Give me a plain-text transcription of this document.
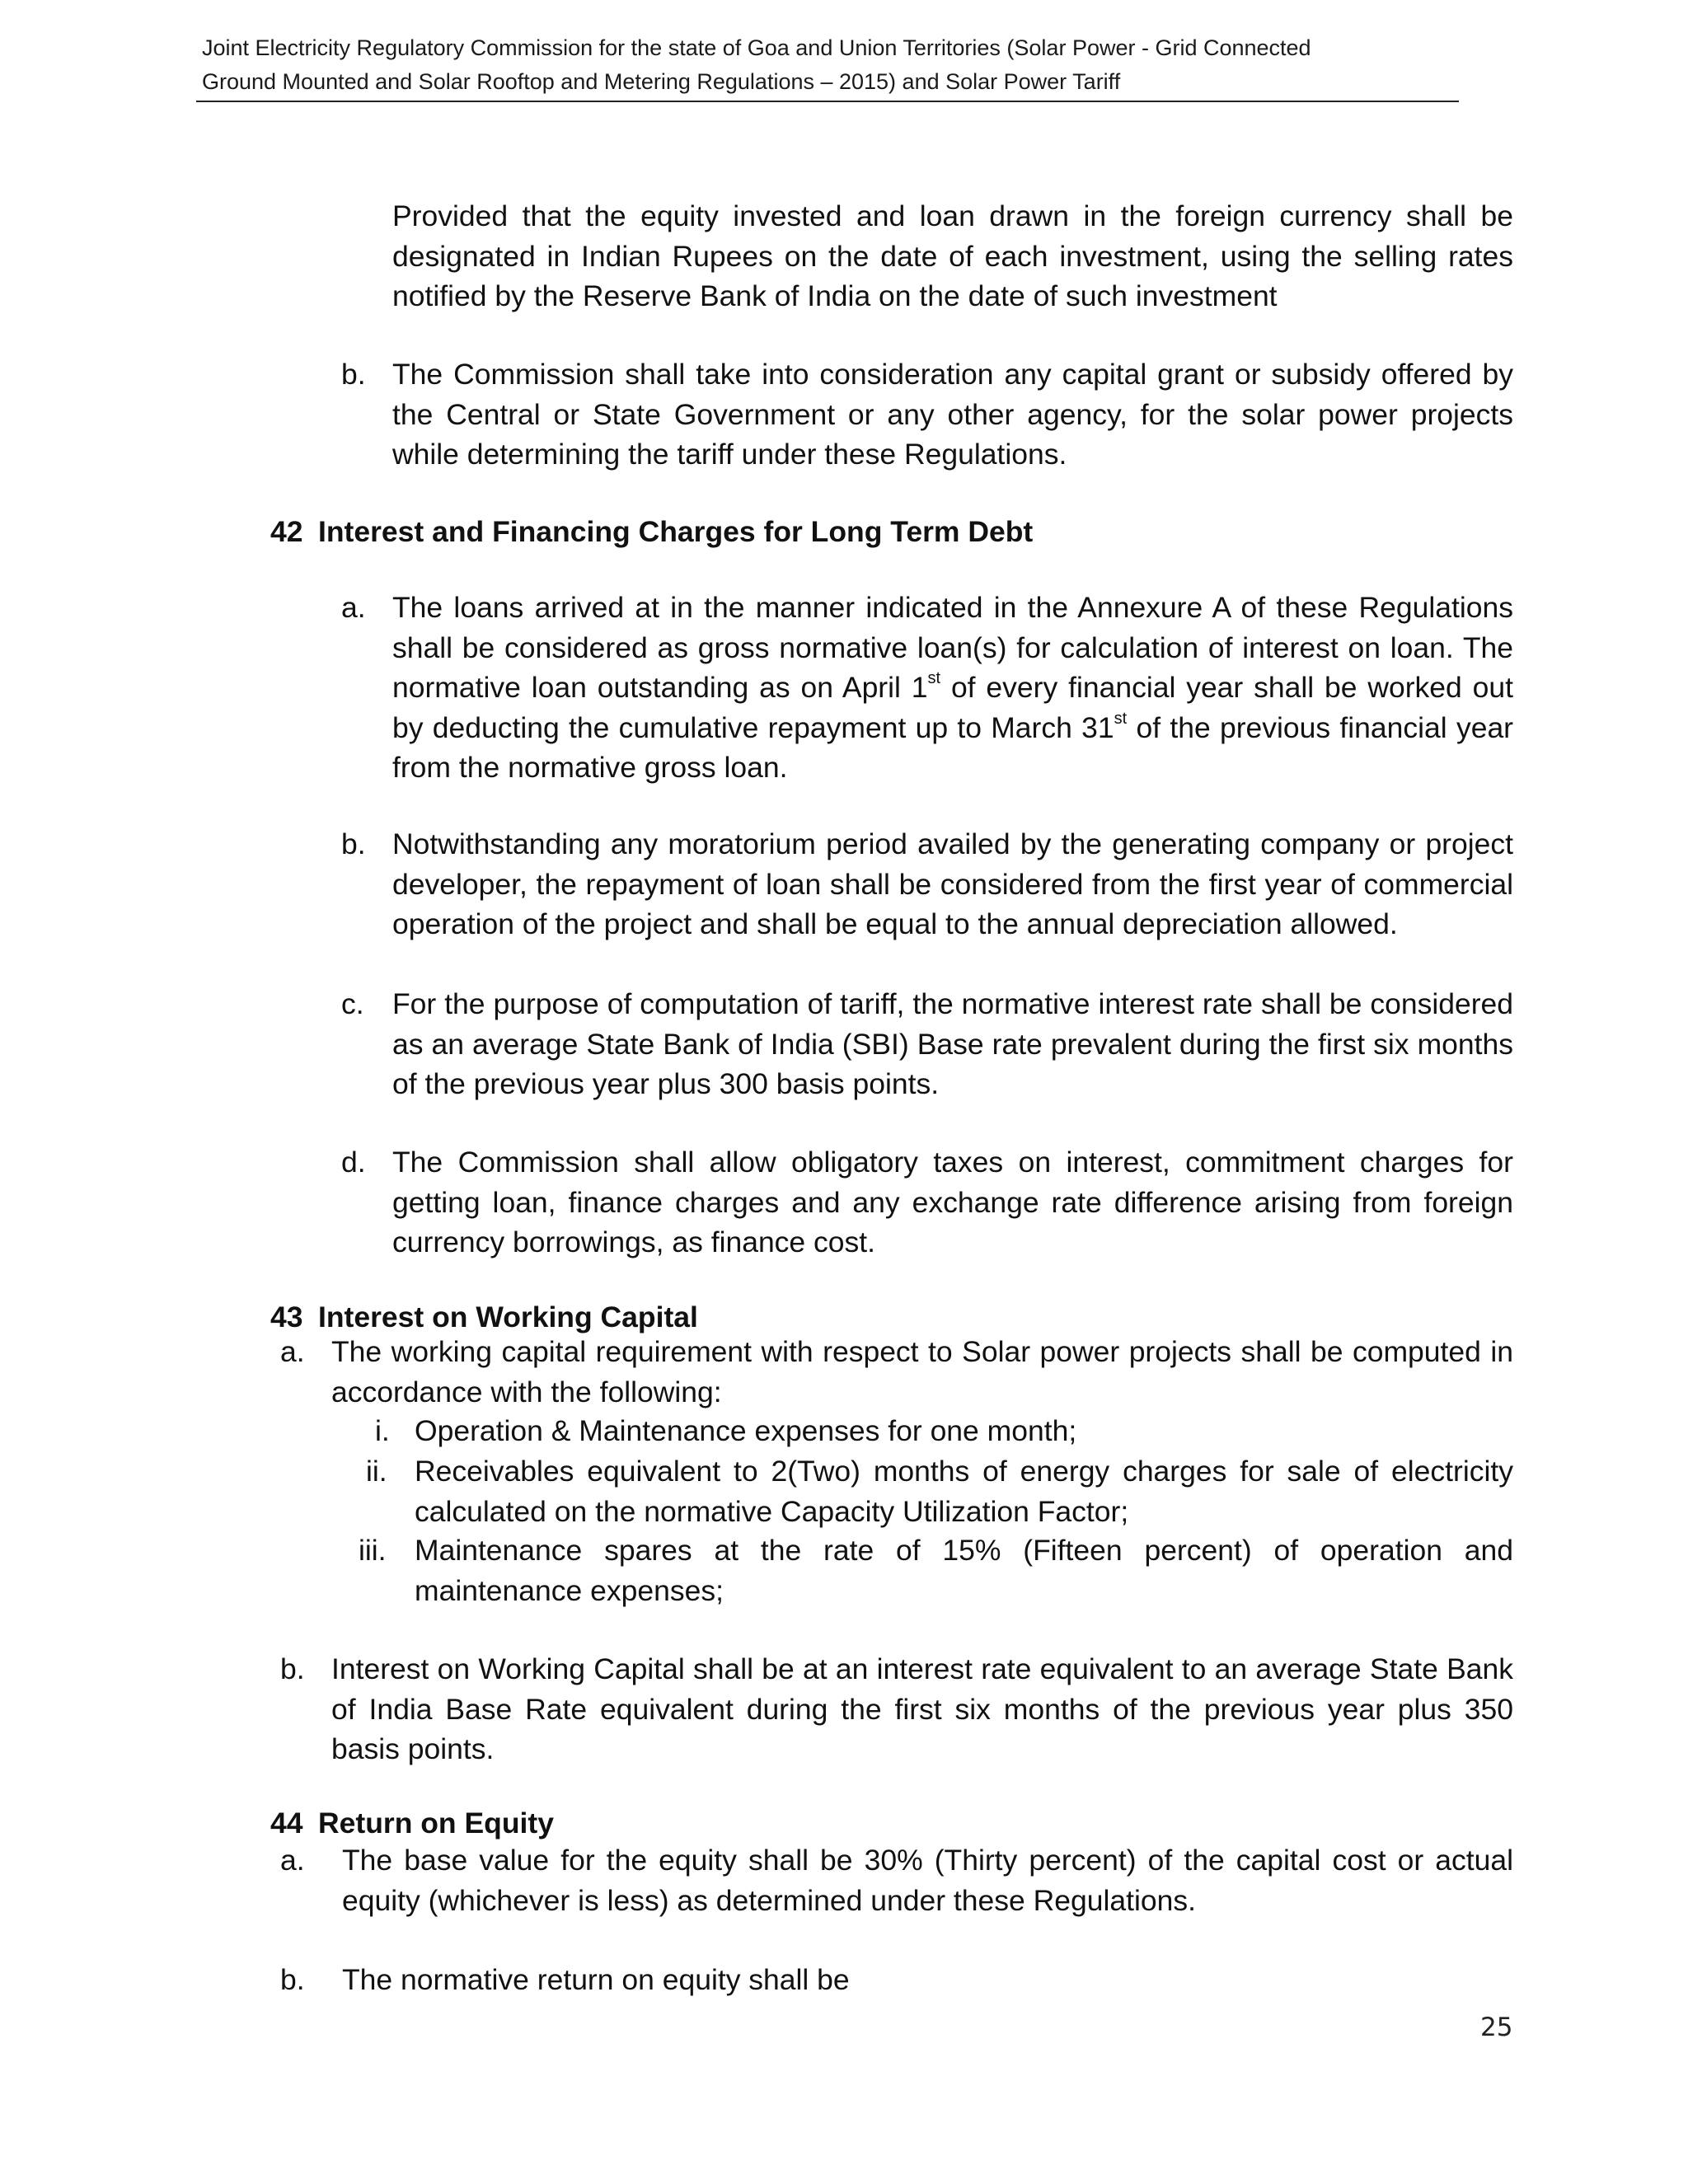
Joint Electricity Regulatory Commission for the state of Goa and Union Territories (Solar Power - Grid Connected
Ground Mounted and Solar Rooftop and Metering Regulations – 2015) and Solar Power Tariff
Provided that the equity invested and loan drawn in the foreign currency shall be designated in Indian Rupees on the date of each investment, using the selling rates notified by the Reserve Bank of India on the date of such investment
b. The Commission shall take into consideration any capital grant or subsidy offered by the Central or State Government or any other agency, for the solar power projects while determining the tariff under these Regulations.
42 Interest and Financing Charges for Long Term Debt
a. The loans arrived at in the manner indicated in the Annexure A of these Regulations shall be considered as gross normative loan(s) for calculation of interest on loan. The normative loan outstanding as on April 1st of every financial year shall be worked out by deducting the cumulative repayment up to March 31st of the previous financial year from the normative gross loan.
b. Notwithstanding any moratorium period availed by the generating company or project developer, the repayment of loan shall be considered from the first year of commercial operation of the project and shall be equal to the annual depreciation allowed.
c. For the purpose of computation of tariff, the normative interest rate shall be considered as an average State Bank of India (SBI) Base rate prevalent during the first six months of the previous year plus 300 basis points.
d. The Commission shall allow obligatory taxes on interest, commitment charges for getting loan, finance charges and any exchange rate difference arising from foreign currency borrowings, as finance cost.
43 Interest on Working Capital
a. The working capital requirement with respect to Solar power projects shall be computed in accordance with the following:
i. Operation & Maintenance expenses for one month;
ii. Receivables equivalent to 2(Two) months of energy charges for sale of electricity calculated on the normative Capacity Utilization Factor;
iii. Maintenance spares at the rate of 15% (Fifteen percent) of operation and maintenance expenses;
b. Interest on Working Capital shall be at an interest rate equivalent to an average State Bank of India Base Rate equivalent during the first six months of the previous year plus 350 basis points.
44 Return on Equity
a. The base value for the equity shall be 30% (Thirty percent) of the capital cost or actual equity (whichever is less) as determined under these Regulations.
b. The normative return on equity shall be
25
